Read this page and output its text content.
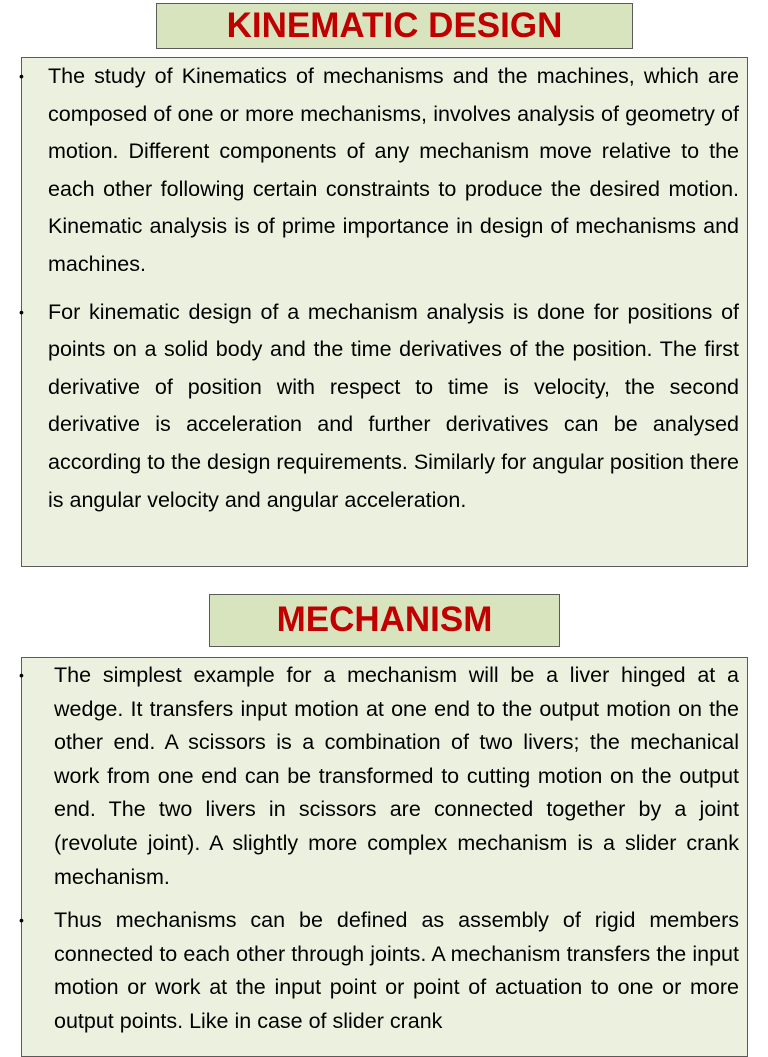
KINEMATIC DESIGN
• The study of Kinematics of mechanisms and the machines, which are composed of one or more mechanisms, involves analysis of geometry of motion. Different components of any mechanism move relative to the each other following certain constraints to produce the desired motion. Kinematic analysis is of prime importance in design of mechanisms and machines.
• For kinematic design of a mechanism analysis is done for positions of points on a solid body and the time derivatives of the position. The first derivative of position with respect to time is velocity, the second derivative is acceleration and further derivatives can be analysed according to the design requirements. Similarly for angular position there is angular velocity and angular acceleration.
MECHANISM
• The simplest example for a mechanism will be a liver hinged at a wedge. It transfers input motion at one end to the output motion on the other end. A scissors is a combination of two livers; the mechanical work from one end can be transformed to cutting motion on the output end. The two livers in scissors are connected together by a joint (revolute joint). A slightly more complex mechanism is a slider crank mechanism.
• Thus mechanisms can be defined as assembly of rigid members connected to each other through joints. A mechanism transfers the input motion or work at the input point or point of actuation to one or more output points. Like in case of slider crank
